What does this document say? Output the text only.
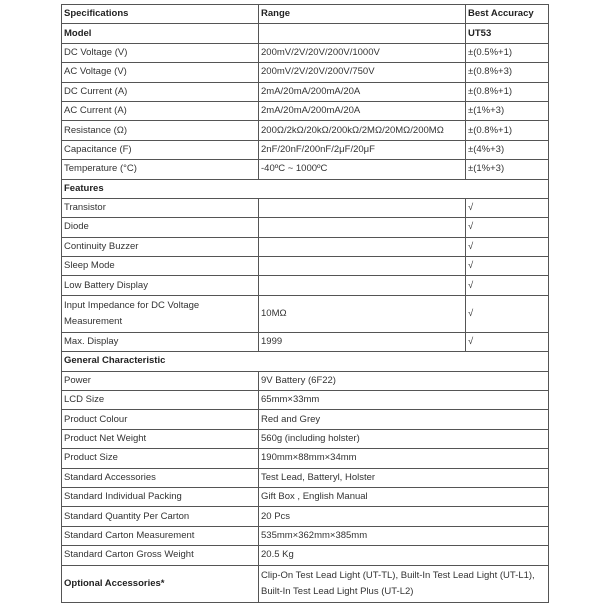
Specifications	Range	Best Accuracy
Model		UT53
DC Voltage (V)	200mV/2V/20V/200V/1000V	±(0.5%+1)
AC Voltage (V)	200mV/2V/20V/200V/750V	±(0.8%+3)
DC Current (A)	2mA/20mA/200mA/20A	±(0.8%+1)
AC Current (A)	2mA/20mA/200mA/20A	±(1%+3)
Resistance (Ω)	200Ω/2kΩ/20kΩ/200kΩ/2MΩ/20MΩ/200MΩ	±(0.8%+1)
Capacitance (F)	2nF/20nF/200nF/2μF/20μF	±(4%+3)
Temperature (°C)	-40ºC ~ 1000ºC	±(1%+3)
Features		
Transistor		√
Diode		√
Continuity Buzzer		√
Sleep Mode		√
Low Battery Display		√
Input Impedance for DC Voltage Measurement	10MΩ	√
Max. Display	1999	√
General Characteristic		
Power	9V Battery (6F22)	
LCD Size	65mm×33mm	
Product Colour	Red and Grey	
Product Net Weight	560g (including holster)	
Product Size	190mm×88mm×34mm	
Standard Accessories	Test Lead, Batteryl, Holster	
Standard Individual Packing	Gift Box , English Manual	
Standard Quantity Per Carton	20 Pcs	
Standard Carton Measurement	535mm×362mm×385mm	
Standard Carton Gross Weight	20.5 Kg	
Optional Accessories*	Clip-On Test Lead Light (UT-TL), Built-In Test Lead Light (UT-L1),
Built-In Test Lead Light Plus (UT-L2)	
